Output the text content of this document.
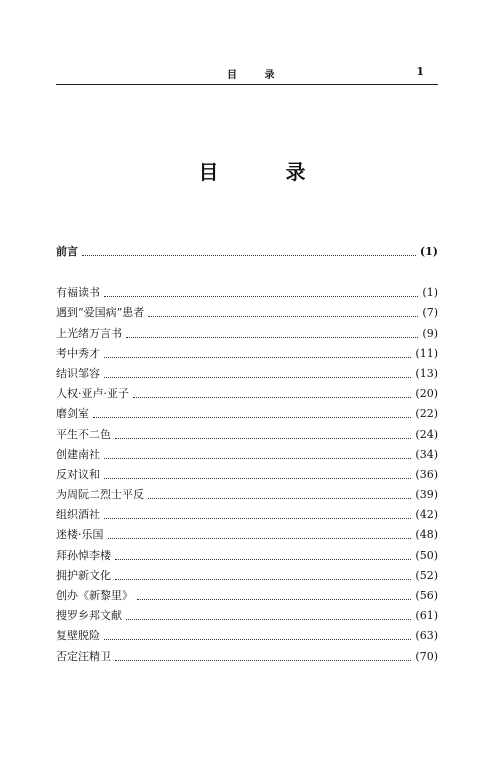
目 录	1
目 录
前言	(1)
有福读书	(1)
遇到“爱国病”患者	(7)
上光绪万言书	(9)
考中秀才	(11)
结识邹容	(13)
人权·亚卢·亚子	(20)
磨剑室	(22)
平生不二色	(24)
创建南社	(34)
反对议和	(36)
为周阮二烈士平反	(39)
组织酒社	(42)
迷楼·乐国	(48)
拜孙悼李楼	(50)
拥护新文化	(52)
创办《新黎里》	(56)
搜罗乡邦文献	(61)
复壁脱险	(63)
否定汪精卫	(70)
